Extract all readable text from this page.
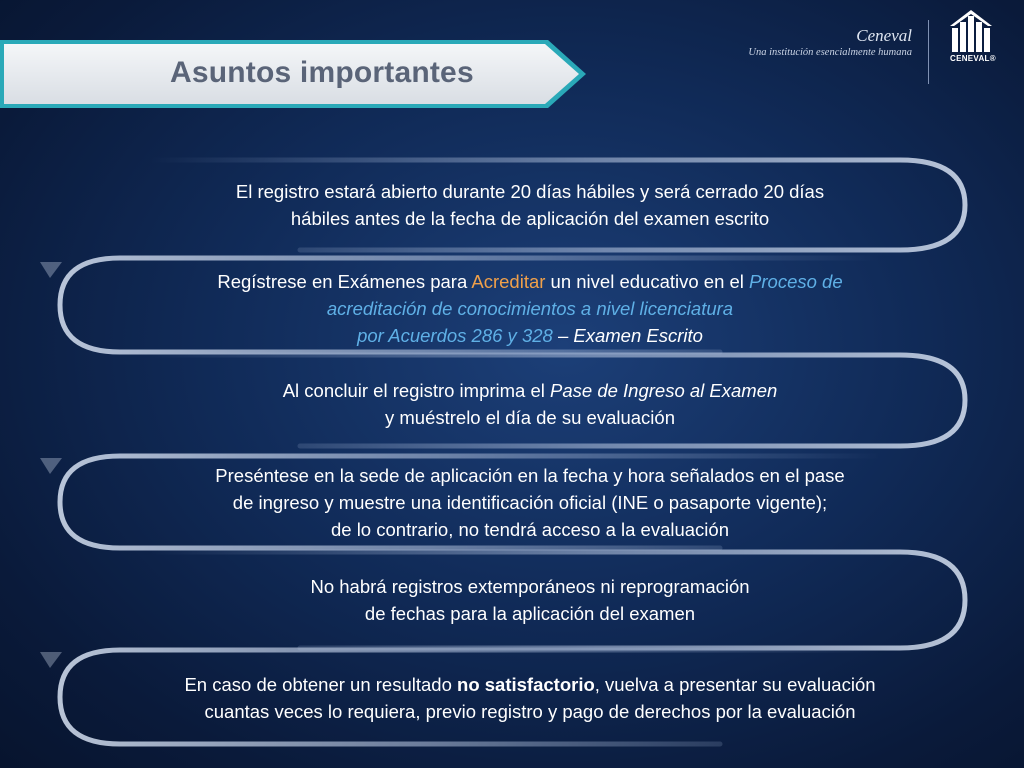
Asuntos importantes
Ceneval
Una institución esencialmente humana
CENEVAL®
El registro estará abierto durante 20 días hábiles y será cerrado 20 días
hábiles antes de la fecha de aplicación del examen escrito
Regístrese en Exámenes para Acreditar un nivel educativo en el Proceso de
acreditación de conocimientos a nivel licenciatura
por Acuerdos 286 y 328 – Examen Escrito
Al concluir el registro imprima el Pase de Ingreso al Examen
y muéstrelo el día de su evaluación
Preséntese en la sede de aplicación en la fecha y hora señalados en el pase
de ingreso y muestre una identificación oficial (INE o pasaporte vigente);
de lo contrario, no tendrá acceso a la evaluación
No habrá registros extemporáneos ni reprogramación
de fechas para la aplicación del examen
En caso de obtener un resultado no satisfactorio, vuelva a presentar su evaluación
cuantas veces lo requiera, previo registro y pago de derechos por la evaluación
